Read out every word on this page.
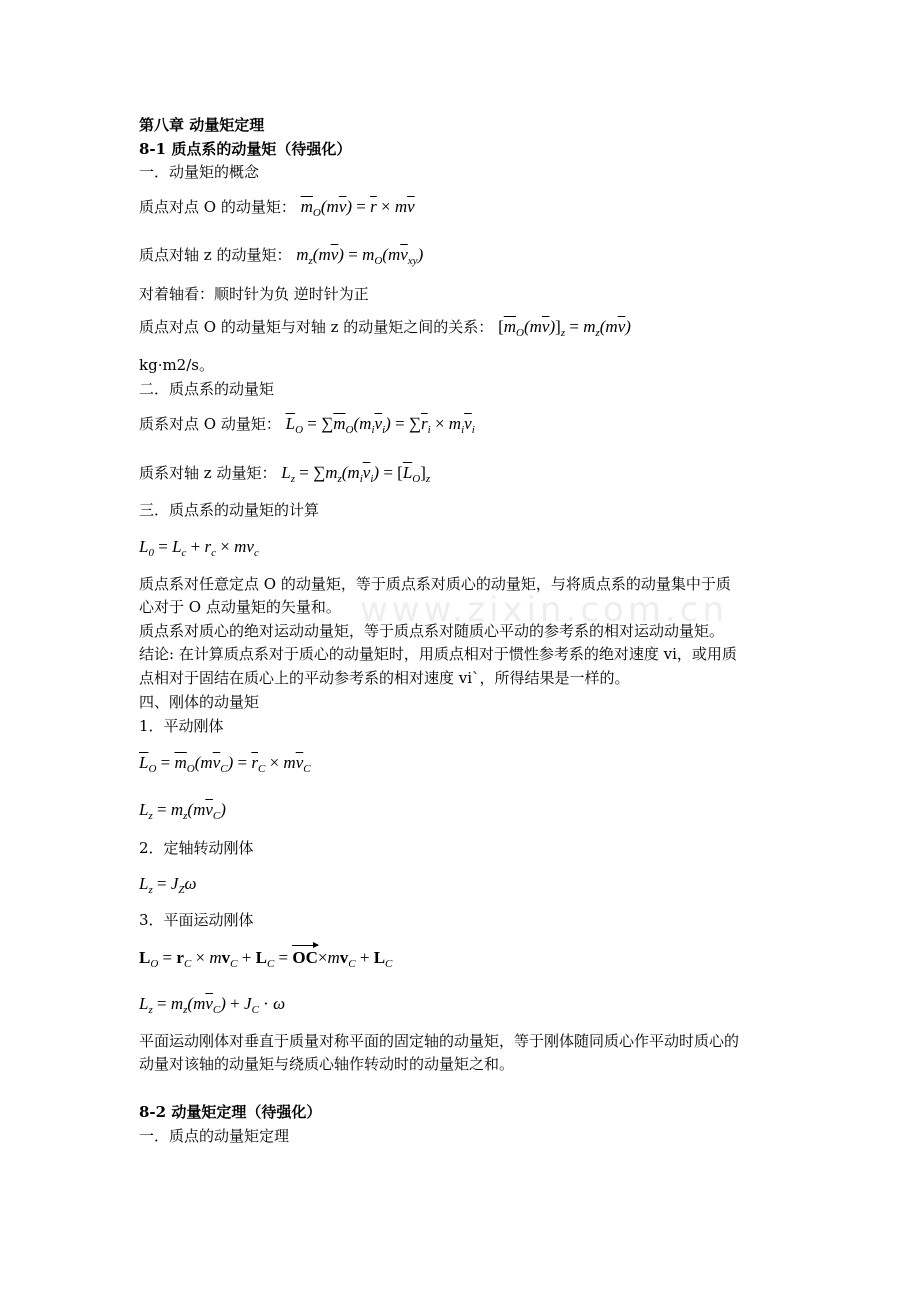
www.zixin.com.cn
第八章 动量矩定理
8-1 质点系的动量矩（待强化）
一．动量矩的概念
质点对点 O 的动量矩： $\overline{m}_O(m\overline{v}) = \overline{r} \times m\overline{v}$
质点对轴 z 的动量矩： $m_z(m\overline{v}) = m_O(m\overline{v}_{xy})$
对着轴看：顺时针为负 逆时针为正
质点对点 O 的动量矩与对轴 z 的动量矩之间的关系： $[\overline{m}_O(m\overline{v})]_z = m_z(m\overline{v})$
kg·m2/s。
二．质点系的动量矩
质系对点 O 动量矩： $\overline{L}_O = \sum\overline{m}_O(m_i\overline{v}_i) = \sum\overline{r}_i \times m_i\overline{v}_i$
质系对轴 z 动量矩： $L_z = \sum m_z(m_i\overline{v}_i) = [\overline{L}_O]_z$
三．质点系的动量矩的计算
$L_0 = L_c + r_c \times mv_c$
质点系对任意定点 O 的动量矩，等于质点系对质心的动量矩，与将质点系的动量集中于质
心对于 O 点动量矩的矢量和。
质点系对质心的绝对运动动量矩，等于质点系对随质心平动的参考系的相对运动动量矩。
结论: 在计算质点系对于质心的动量矩时，用质点相对于惯性参考系的绝对速度 vi，或用质
点相对于固结在质心上的平动参考系的相对速度 vi`，所得结果是一样的。
四、刚体的动量矩
1．平动刚体
$\overline{L}_O = \overline{m}_O(m\overline{v}_C) = \overline{r}_C \times m\overline{v}_C$
$L_z = m_z(m\overline{v}_C)$
2．定轴转动刚体
$L_z = J_Z\omega$
3．平面运动刚体
$L_O = r_C \times mv_C + L_C = OC\times mv_C + L_C$
$L_z = m_z(m\overline{v}_C) + J_C \cdot \omega$
平面运动刚体对垂直于质量对称平面的固定轴的动量矩，等于刚体随同质心作平动时质心的
动量对该轴的动量矩与绕质心轴作转动时的动量矩之和。
8-2 动量矩定理（待强化）
一．质点的动量矩定理
